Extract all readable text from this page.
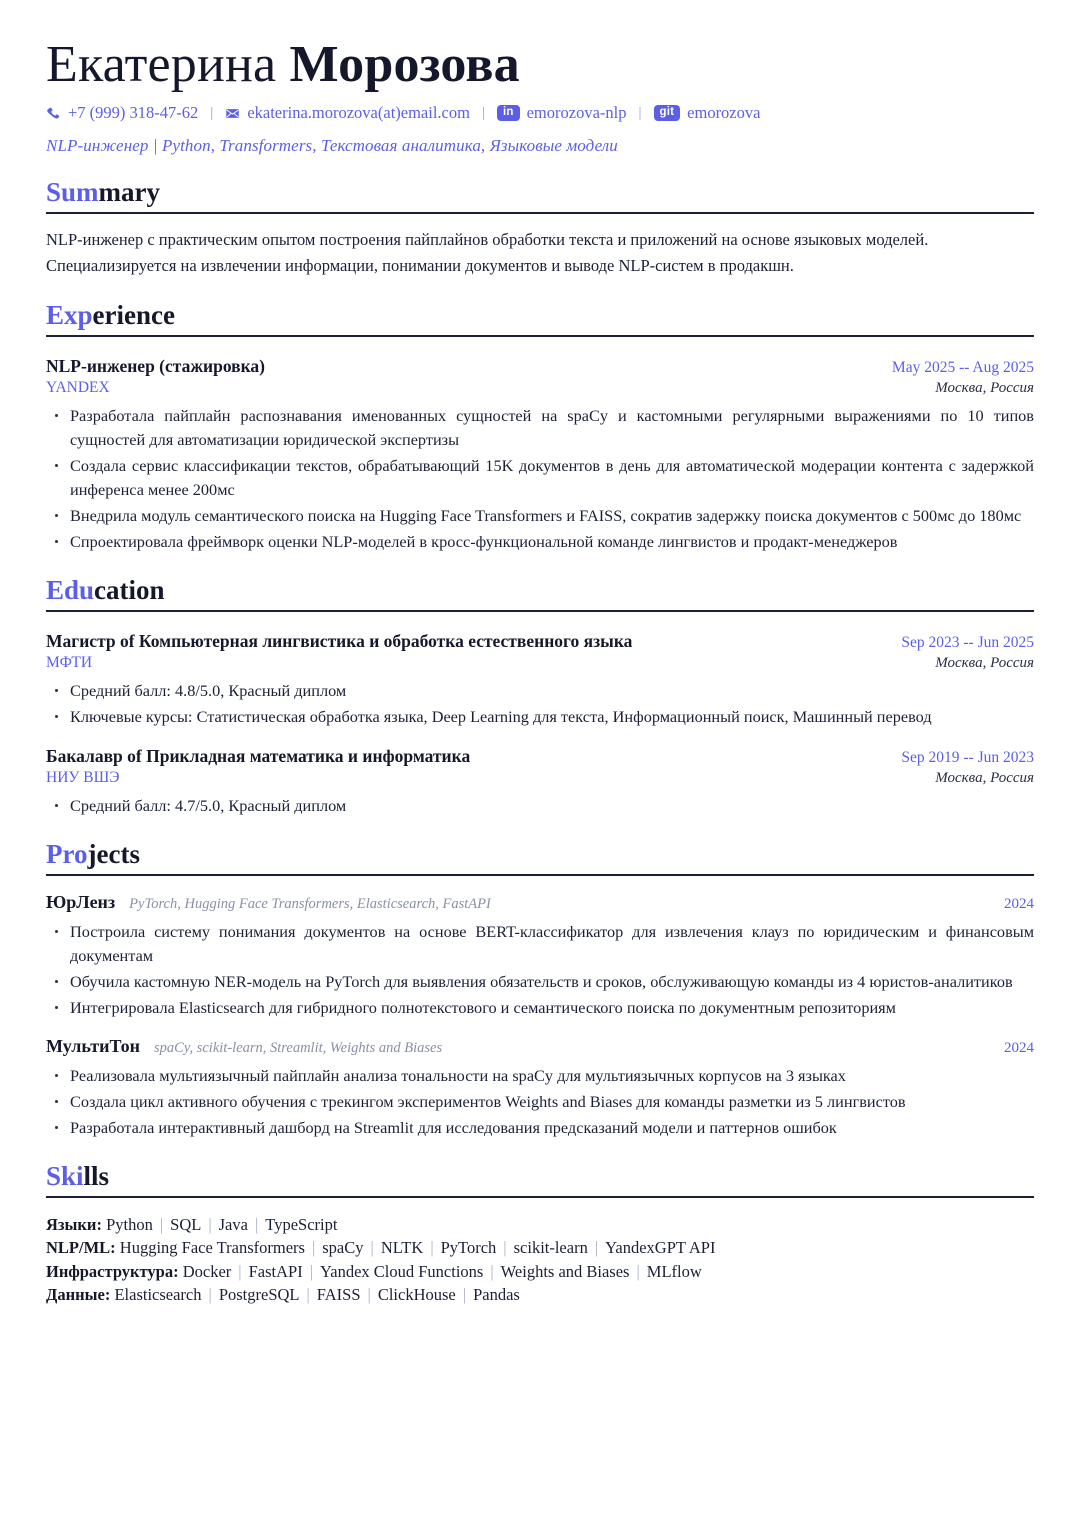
Екатерина Морозова
+7 (999) 318-47-62 |	ekaterina.morozova(at)email.com |	in emorozova-nlp |	git emorozova
NLP-инженер | Python, Transformers, Текстовая аналитика, Языковые модели
Summary
NLP-инженер с практическим опытом построения пайплайнов обработки текста и приложений на основе языковых моделей.
Специализируется на извлечении информации, понимании документов и выводе NLP-систем в продакшн.
Experience
NLP-инженер (стажировка)	May 2025 -- Aug 2025
YANDEX	Москва, Россия
Разработала пайплайн распознавания именованных сущностей на spaCy и кастомными регулярными выражениями по 10 типов сущностей для автоматизации юридической экспертизы
Создала сервис классификации текстов, обрабатывающий 15K документов в день для автоматической модерации контента с задержкой инференса менее 200мс
Внедрила модуль семантического поиска на Hugging Face Transformers и FAISS, сократив задержку поиска документов с 500мс до 180мс
Спроектировала фреймворк оценки NLP-моделей в кросс-функциональной команде лингвистов и продакт-менеджеров
Education
Магистр of Компьютерная лингвистика и обработка естественного языка	Sep 2023 -- Jun 2025
МФТИ	Москва, Россия
Средний балл: 4.8/5.0, Красный диплом
Ключевые курсы: Статистическая обработка языка, Deep Learning для текста, Информационный поиск, Машинный перевод
Бакалавр of Прикладная математика и информатика	Sep 2019 -- Jun 2023
НИУ ВШЭ	Москва, Россия
Средний балл: 4.7/5.0, Красный диплом
Projects
ЮрЛенз PyTorch, Hugging Face Transformers, Elasticsearch, FastAPI	2024
Построила систему понимания документов на основе BERT-классификатор для извлечения клауз по юридическим и финансовым документам
Обучила кастомную NER-модель на PyTorch для выявления обязательств и сроков, обслуживающую команды из 4 юристов-аналитиков
Интегрировала Elasticsearch для гибридного полнотекстового и семантического поиска по документным репозиториям
МультиТон spaCy, scikit-learn, Streamlit, Weights and Biases	2024
Реализовала мультиязычный пайплайн анализа тональности на spaCy для мультиязычных корпусов на 3 языках
Создала цикл активного обучения с трекингом экспериментов Weights and Biases для команды разметки из 5 лингвистов
Разработала интерактивный дашборд на Streamlit для исследования предсказаний модели и паттернов ошибок
Skills
Языки: Python | SQL | Java | TypeScript
NLP/ML: Hugging Face Transformers | spaCy | NLTK | PyTorch | scikit-learn | YandexGPT API
Инфраструктура: Docker | FastAPI | Yandex Cloud Functions | Weights and Biases | MLflow
Данные: Elasticsearch | PostgreSQL | FAISS | ClickHouse | Pandas
